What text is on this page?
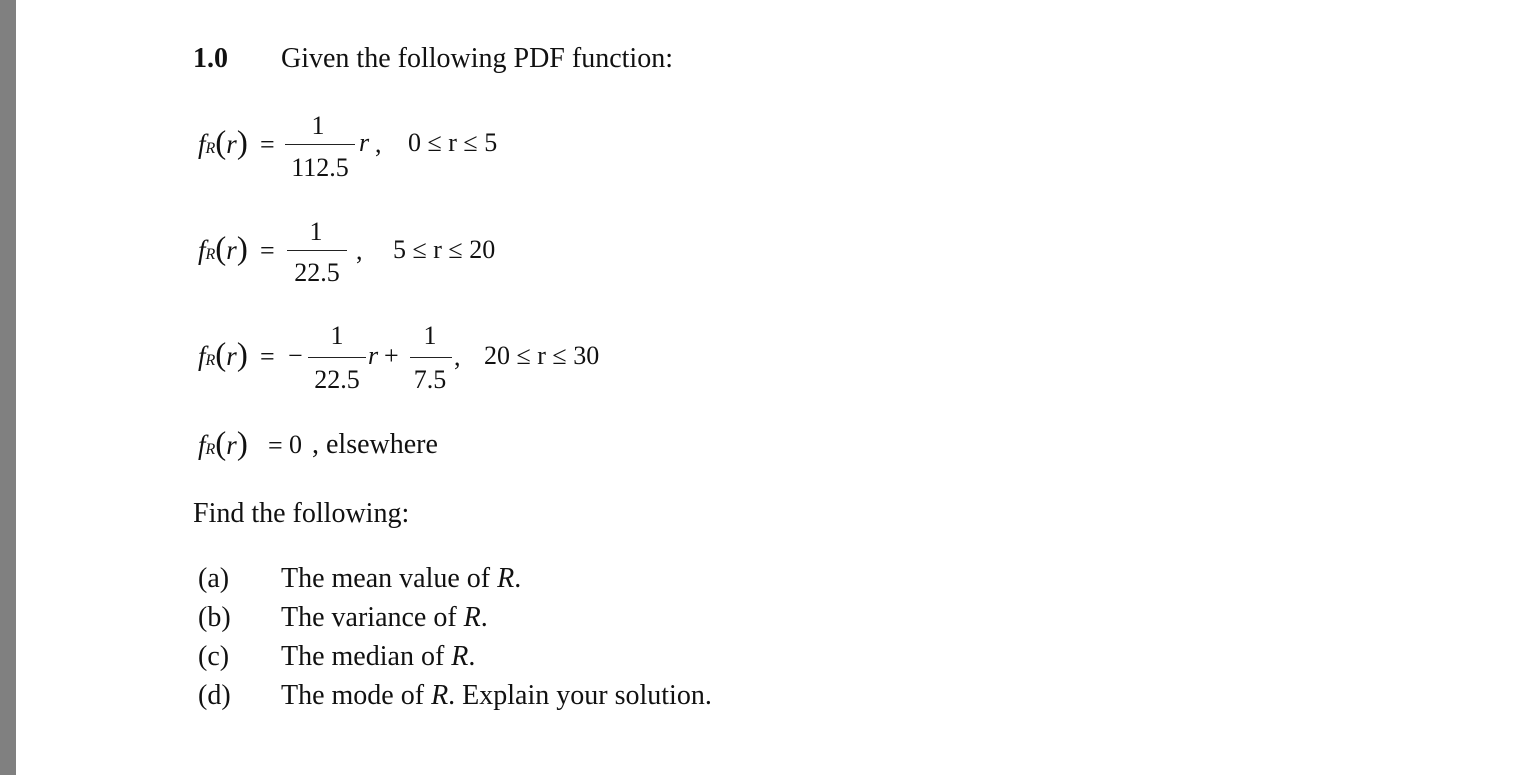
1.0 Given the following PDF function:
fR(r) =
1
112.5
r , 0 ≤ r ≤ 5
fR(r) =
1
22.5
, 5 ≤ r ≤ 20
fR(r) = −
1
22.5
r +
1
7.5
, 20 ≤ r ≤ 30
fR(r) = 0 , elsewhere
Find the following:
(a) The mean value of R.
(b) The variance of R.
(c) The median of R.
(d) The mode of R. Explain your solution.
